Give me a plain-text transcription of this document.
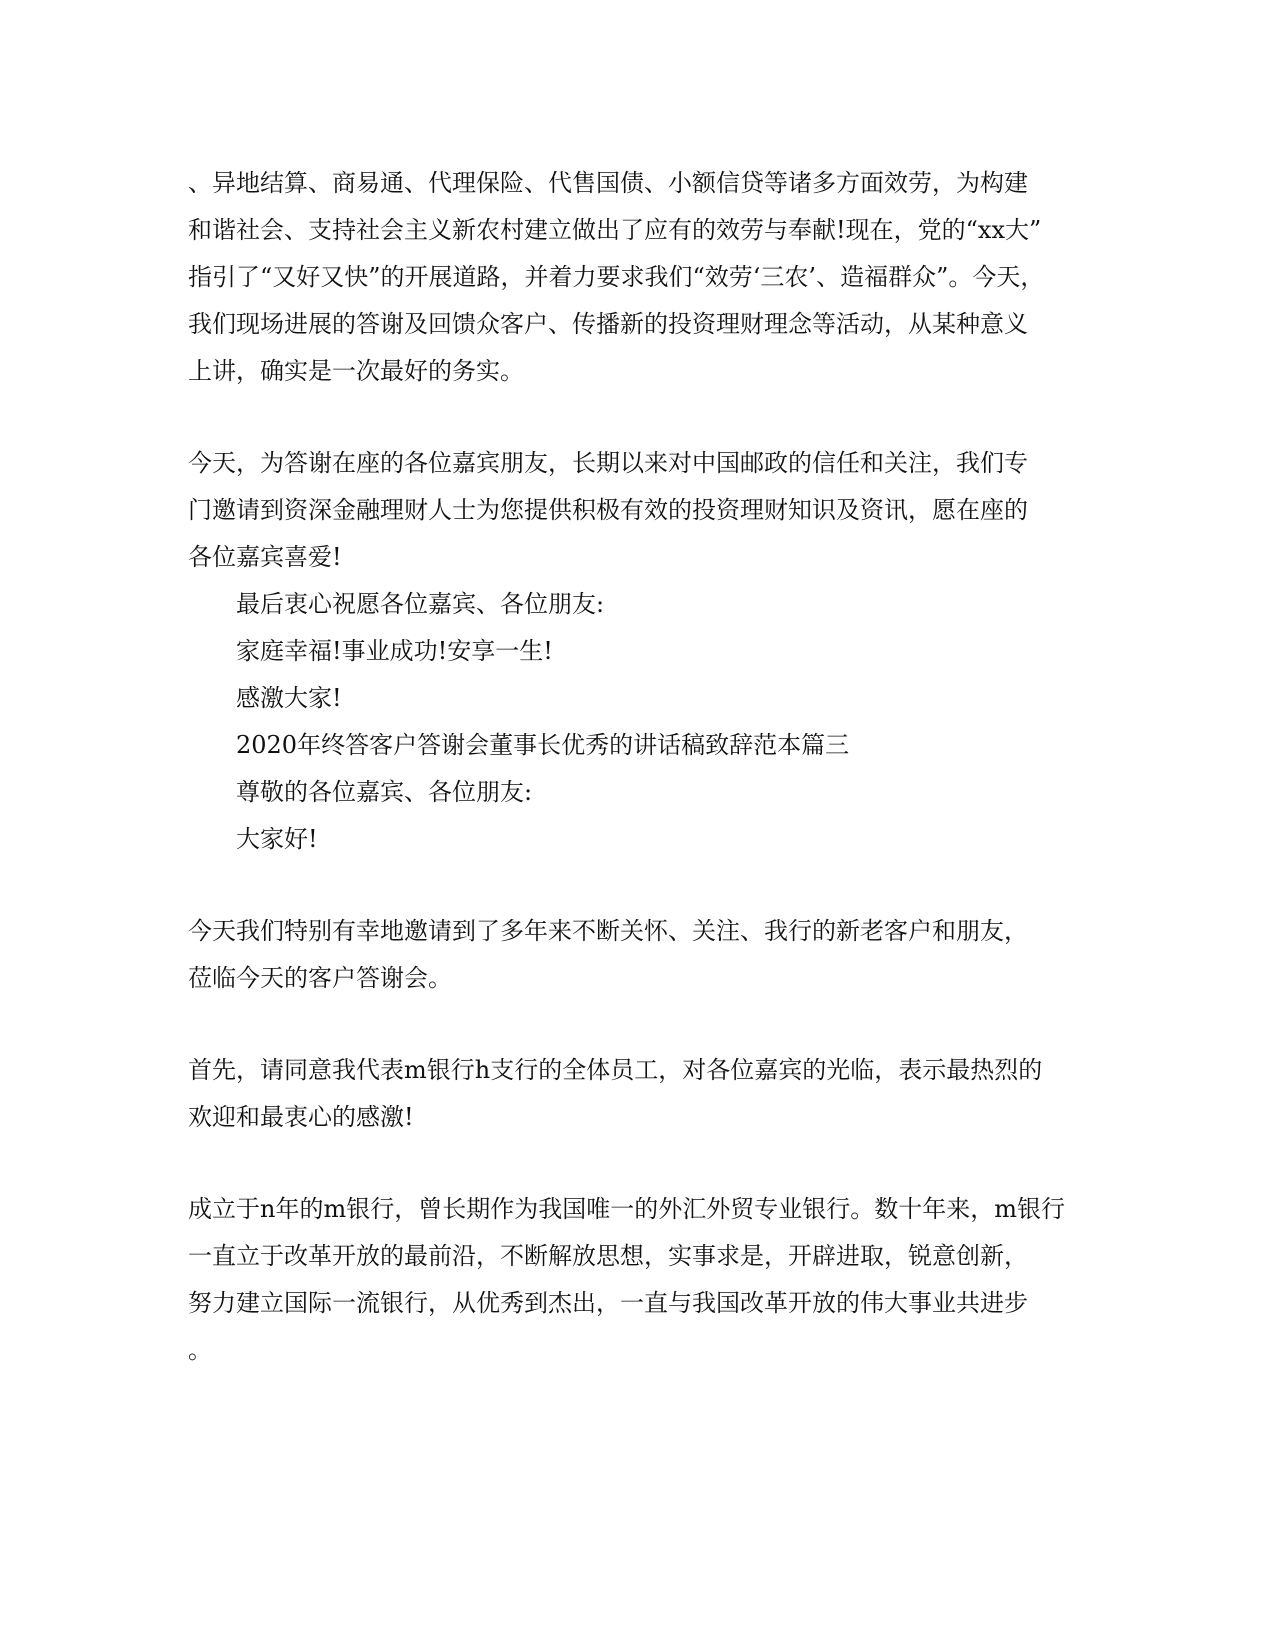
、异地结算、商易通、代理保险、代售国债、小额信贷等诸多方面效劳，为构建
和谐社会、支持社会主义新农村建立做出了应有的效劳与奉献!现在，党的“xx大”
指引了“又好又快”的开展道路，并着力要求我们“效劳‘三农’、造福群众”。今天，
我们现场进展的答谢及回馈众客户、传播新的投资理财理念等活动，从某种意义
上讲，确实是一次最好的务实。

今天，为答谢在座的各位嘉宾朋友，长期以来对中国邮政的信任和关注，我们专
门邀请到资深金融理财人士为您提供积极有效的投资理财知识及资讯，愿在座的
各位嘉宾喜爱!

最后衷心祝愿各位嘉宾、各位朋友:

家庭幸福!事业成功!安享一生!

感激大家!

2020年终答客户答谢会董事长优秀的讲话稿致辞范本篇三

尊敬的各位嘉宾、各位朋友:

大家好!

今天我们特别有幸地邀请到了多年来不断关怀、关注、我行的新老客户和朋友，
莅临今天的客户答谢会。

首先，请同意我代表m银行h支行的全体员工，对各位嘉宾的光临，表示最热烈的
欢迎和最衷心的感激!

成立于n年的m银行，曾长期作为我国唯一的外汇外贸专业银行。数十年来，m银行
一直立于改革开放的最前沿，不断解放思想，实事求是，开辟进取，锐意创新，
努力建立国际一流银行，从优秀到杰出，一直与我国改革开放的伟大事业共进步
。
